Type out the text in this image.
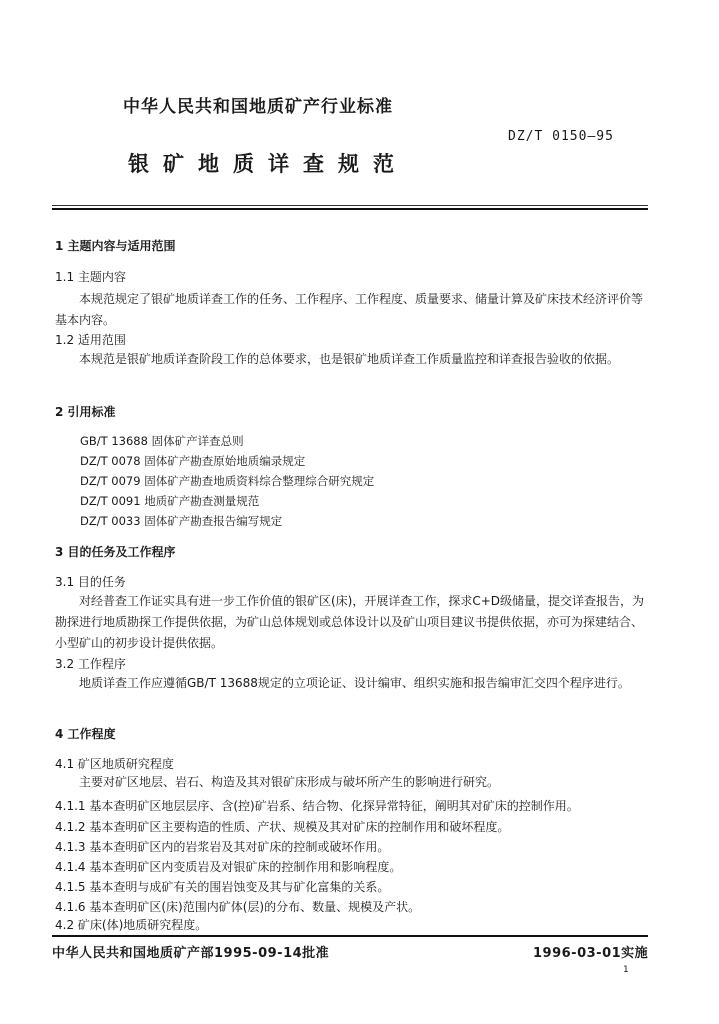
中华人民共和国地质矿产行业标准
DZ/T 0150—95
银矿地质详查规范
1 主题内容与适用范围
1.1 主题内容
本规范规定了银矿地质详查工作的任务、工作程序、工作程度、质量要求、储量计算及矿床技术经济评价等基本内容。
1.2 适用范围
本规范是银矿地质详查阶段工作的总体要求，也是银矿地质详查工作质量监控和详查报告验收的依据。
2 引用标准
GB/T 13688 固体矿产详查总则
DZ/T 0078 固体矿产勘查原始地质编录规定
DZ/T 0079 固体矿产勘查地质资料综合整理综合研究规定
DZ/T 0091 地质矿产勘查测量规范
DZ/T 0033 固体矿产勘查报告编写规定
3 目的任务及工作程序
3.1 目的任务
对经普查工作证实具有进一步工作价值的银矿区(床)，开展详查工作，探求C+D级储量，提交详查报告，为勘探进行地质勘探工作提供依据，为矿山总体规划或总体设计以及矿山项目建议书提供依据，亦可为探建结合、小型矿山的初步设计提供依据。
3.2 工作程序
地质详查工作应遵循GB/T 13688规定的立项论证、设计编审、组织实施和报告编审汇交四个程序进行。
4 工作程度
4.1 矿区地质研究程度
主要对矿区地层、岩石、构造及其对银矿床形成与破坏所产生的影响进行研究。
4.1.1 基本查明矿区地层层序、含(控)矿岩系、结合物、化探异常特征，阐明其对矿床的控制作用。
4.1.2 基本查明矿区主要构造的性质、产状、规模及其对矿床的控制作用和破坏程度。
4.1.3 基本查明矿区内的岩浆岩及其对矿床的控制或破坏作用。
4.1.4 基本查明矿区内变质岩及对银矿床的控制作用和影响程度。
4.1.5 基本查明与成矿有关的围岩蚀变及其与矿化富集的关系。
4.1.6 基本查明矿区(床)范围内矿体(层)的分布、数量、规模及产状。
4.2 矿床(体)地质研究程度。
中华人民共和国地质矿产部1995-09-14批准	1996-03-01实施
1
